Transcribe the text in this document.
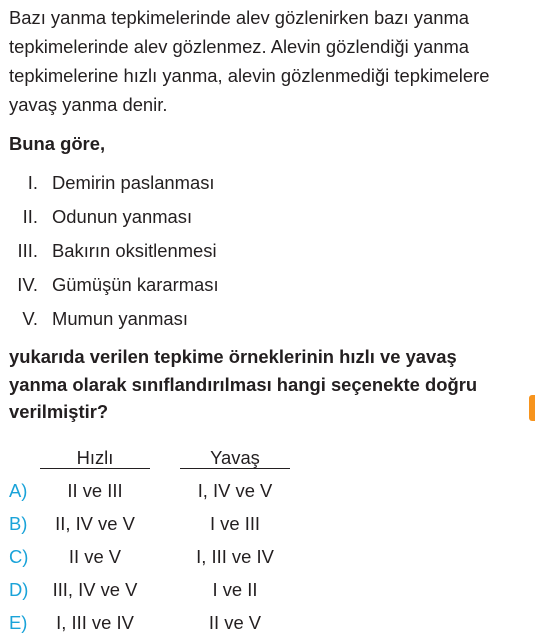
Bazı yanma tepkimelerinde alev gözlenirken bazı yanma
tepkimelerinde alev gözlenmez. Alevin gözlendiği yanma
tepkimelerine hızlı yanma, alevin gözlenmediği tepkimelere
yavaş yanma denir.
Buna göre,
I. Demirin paslanması
II. Odunun yanması
III. Bakırın oksitlenmesi
IV. Gümüşün kararması
V. Mumun yanması
yukarıda verilen tepkime örneklerinin hızlı ve yavaş
yanma olarak sınıflandırılması hangi seçenekte doğru
verilmiştir?
Hızlı	Yavaş
A)	II ve III	I, IV ve V
B)	II, IV ve V	I ve III
C)	II ve V	I, III ve IV
D)	III, IV ve V	I ve II
E)	I, III ve IV	II ve V
